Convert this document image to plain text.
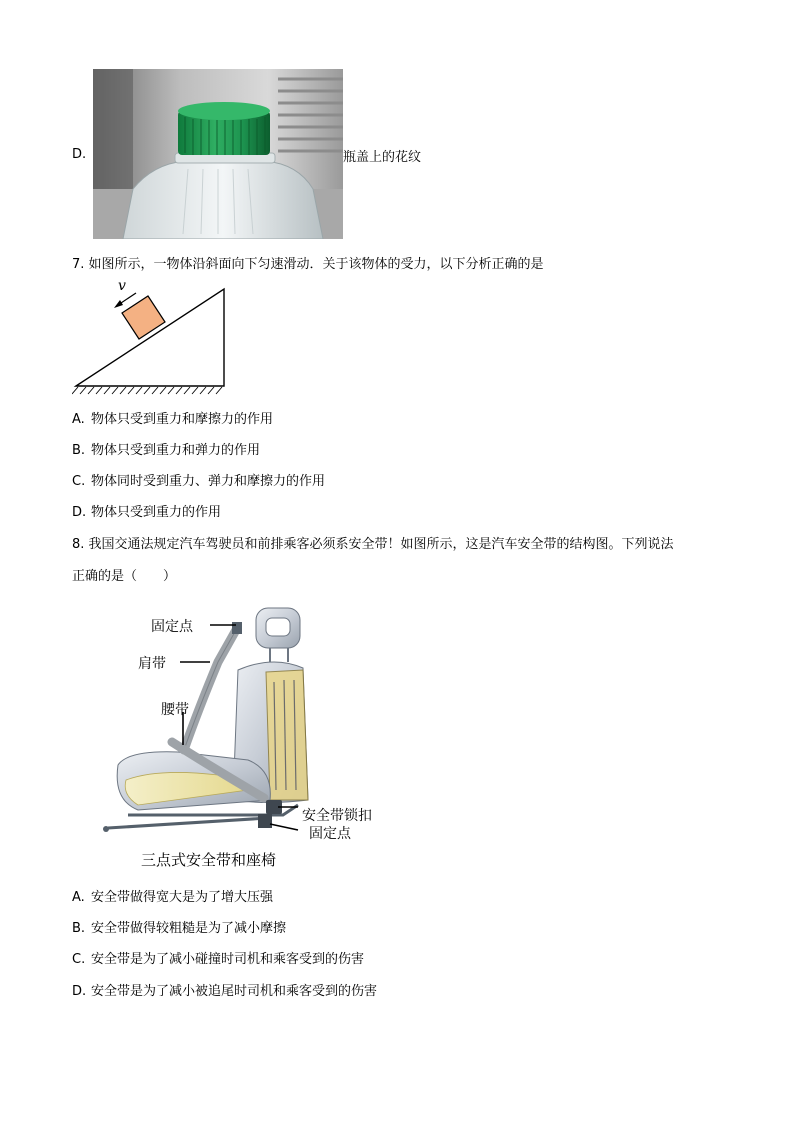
D.	瓶盖上的花纹
7. 如图所示，一物体沿斜面向下匀速滑动．关于该物体的受力，以下分析正确的是
v
A. 物体只受到重力和摩擦力的作用
B. 物体只受到重力和弹力的作用
C. 物体同时受到重力、弹力和摩擦力的作用
D. 物体只受到重力的作用
8. 我国交通法规定汽车驾驶员和前排乘客必须系安全带！如图所示，这是汽车安全带的结构图。下列说法
正确的是（　　）
固定点
肩带
腰带
安全带锁扣
固定点
三点式安全带和座椅
A. 安全带做得宽大是为了增大压强
B. 安全带做得较粗糙是为了减小摩擦
C. 安全带是为了减小碰撞时司机和乘客受到的伤害
D. 安全带是为了减小被追尾时司机和乘客受到的伤害
